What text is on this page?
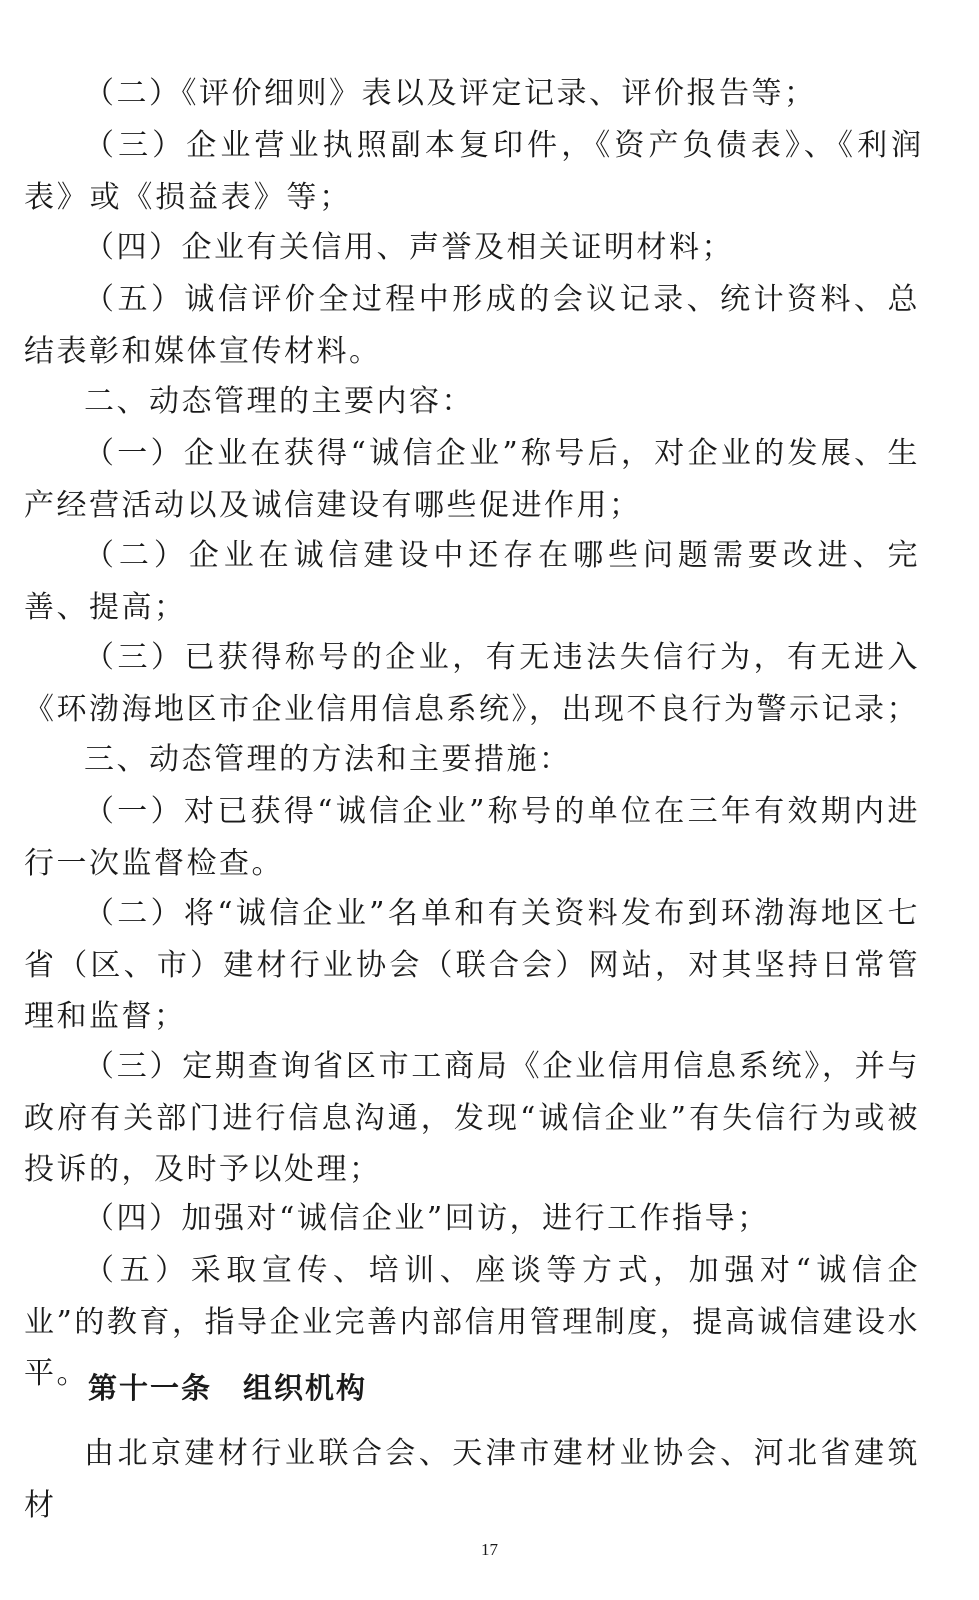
（二）《评价细则》表以及评定记录、评价报告等；

（三）企业营业执照副本复印件，《资产负债表》、《利润表》或《损益表》等；

（四）企业有关信用、声誉及相关证明材料；

（五）诚信评价全过程中形成的会议记录、统计资料、总结表彰和媒体宣传材料。

二、动态管理的主要内容：

（一）企业在获得“诚信企业”称号后，对企业的发展、生产经营活动以及诚信建设有哪些促进作用；

（二）企业在诚信建设中还存在哪些问题需要改进、完善、提高；

（三）已获得称号的企业，有无违法失信行为，有无进入《环渤海地区市企业信用信息系统》，出现不良行为警示记录；

三、动态管理的方法和主要措施：

（一）对已获得“诚信企业”称号的单位在三年有效期内进行一次监督检查。

（二）将“诚信企业”名单和有关资料发布到环渤海地区七省（区、市）建材行业协会（联合会）网站，对其坚持日常管理和监督；

（三）定期查询省区市工商局《企业信用信息系统》，并与政府有关部门进行信息沟通，发现“诚信企业”有失信行为或被投诉的，及时予以处理；

（四）加强对“诚信企业”回访，进行工作指导；

（五）采取宣传、培训、座谈等方式，加强对“诚信企业”的教育，指导企业完善内部信用管理制度，提高诚信建设水平。 第十一条　组织机构

由北京建材行业联合会、天津市建材业协会、河北省建筑材

17
